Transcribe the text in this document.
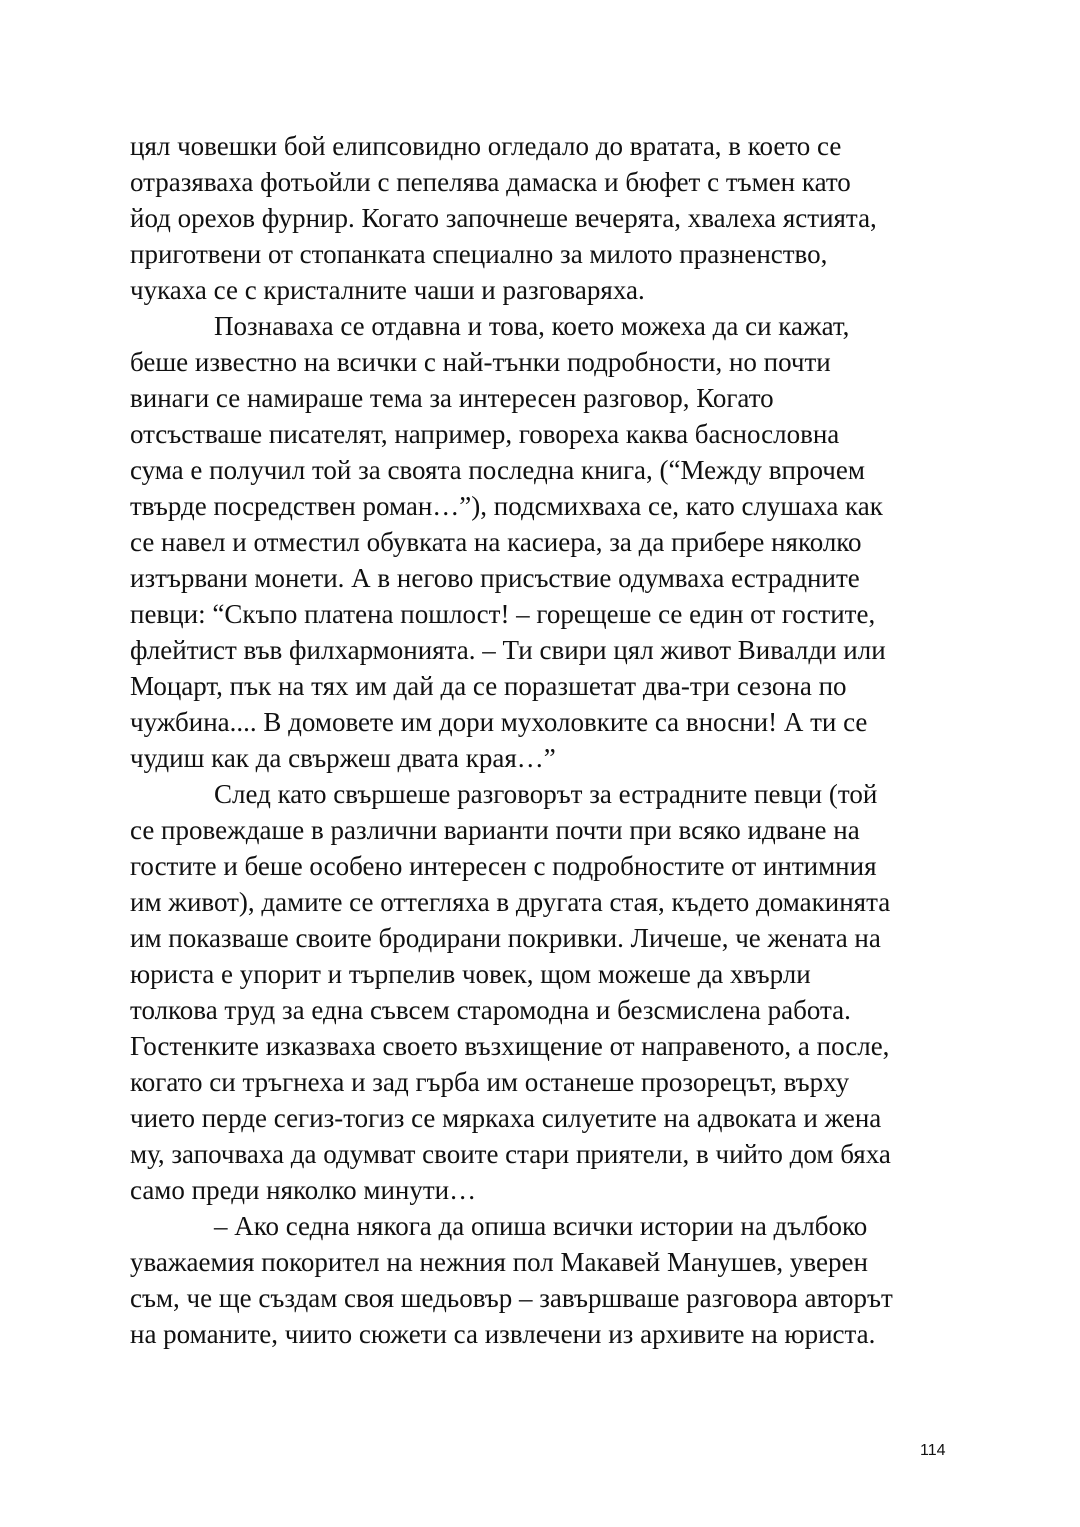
цял човешки бой елипсовидно огледало до вратата, в което се
отразяваха фотьойли с пепелява дамаска и бюфет с тъмен като
йод орехов фурнир. Когато започнеше вечерята, хвалеха ястията,
приготвени от стопанката специално за милото празненство,
чукаха се с кристалните чаши и разговаряха.
Познаваха се отдавна и това, което можеха да си кажат,
беше известно на всички с най-тънки подробности, но почти
винаги се намираше тема за интересен разговор, Когато
отсъстваше писателят, например, говореха каква баснословна
сума е получил той за своята последна книга, (“Между впрочем
твърде посредствен роман…”), подсмихваха се, като слушаха как
се навел и отместил обувката на касиера, за да прибере няколко
изтървани монети. А в негово присъствие одумваха естрадните
певци: “Скъпо платена пошлост! – горещеше се един от гостите,
флейтист във филхармонията. – Ти свири цял живот Вивалди или
Моцарт, пък на тях им дай да се поразшетат два-три сезона по
чужбина.... В домовете им дори мухоловките са вносни! А ти се
чудиш как да свържеш двата края…”
След като свършеше разговорът за естрадните певци (той
се провеждаше в различни варианти почти при всяко идване на
гостите и беше особено интересен с подробностите от интимния
им живот), дамите се оттегляха в другата стая, където домакинята
им показваше своите бродирани покривки. Личеше, че жената на
юриста е упорит и търпелив човек, щом можеше да хвърли
толкова труд за една съвсем старомодна и безсмислена работа.
Гостенките изказваха своето възхищение от направеното, а после,
когато си тръгнеха и зад гърба им останеше прозорецът, върху
чието перде сегиз-тогиз се мяркаха силуетите на адвоката и жена
му, започваха да одумват своите стари приятели, в чийто дом бяха
само преди няколко минути…
– Ако седна някога да опиша всички истории на дълбоко
уважаемия покорител на нежния пол Макавей Манушев, уверен
съм, че ще създам своя шедьовър – завършваше разговора авторът
на романите, чиито сюжети са извлечени из архивите на юриста.
114
